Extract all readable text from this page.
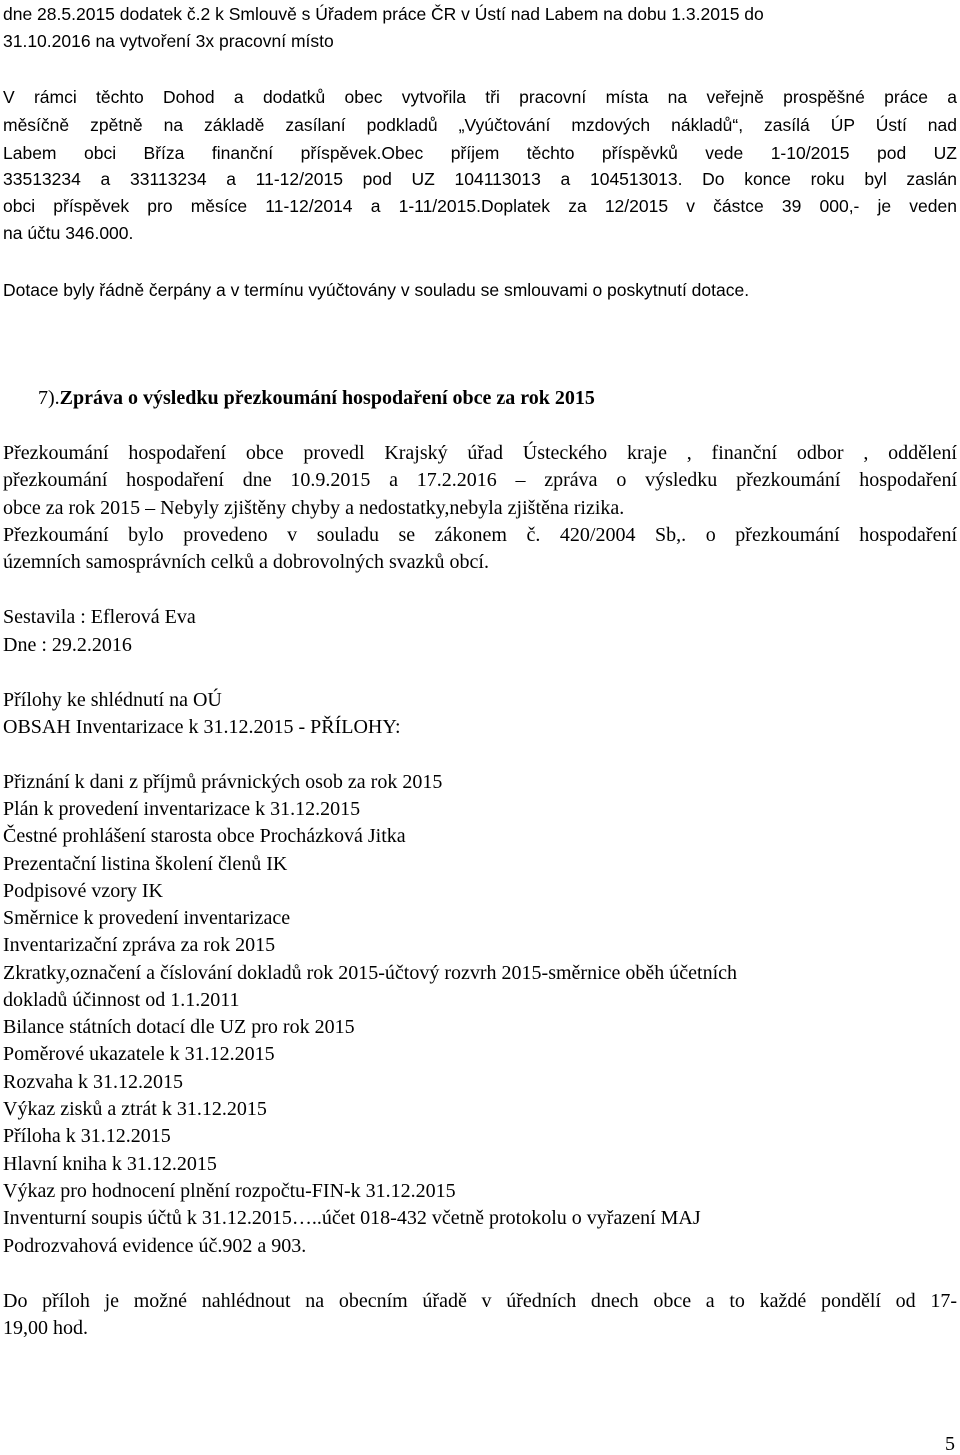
dne 28.5.2015 dodatek č.2 k Smlouvě s Úřadem práce ČR v Ústí nad Labem na dobu 1.3.2015 do
31.10.2016 na vytvoření 3x pracovní místo
V rámci těchto Dohod a dodatků obec vytvořila tři pracovní místa na veřejně prospěšné práce a
měsíčně zpětně na základě zasílaní podkladů „Vyúčtování mzdových nákladů“, zasílá ÚP Ústí nad
Labem obci Bříza finanční příspěvek.Obec příjem těchto příspěvků vede 1-10/2015 pod UZ
33513234 a 33113234 a 11-12/2015 pod UZ 104113013 a 104513013. Do konce roku byl zaslán
obci příspěvek pro měsíce 11-12/2014 a 1-11/2015.Doplatek za 12/2015 v částce 39 000,- je veden
na účtu 346.000.
Dotace byly řádně čerpány a v termínu vyúčtovány v souladu se smlouvami o poskytnutí dotace.
7).Zpráva o výsledku přezkoumání hospodaření obce za rok 2015
Přezkoumání hospodaření obce provedl Krajský úřad Ústeckého kraje , finanční odbor , oddělení
přezkoumání hospodaření dne 10.9.2015 a 17.2.2016 – zpráva o výsledku přezkoumání hospodaření
obce za rok 2015 – Nebyly zjištěny chyby a nedostatky,nebyla zjištěna rizika.
Přezkoumání bylo provedeno v souladu se zákonem č. 420/2004 Sb,. o přezkoumání hospodaření
územních samosprávních celků a dobrovolných svazků obcí.
Sestavila : Eflerová Eva
Dne : 29.2.2016
Přílohy ke shlédnutí na OÚ
OBSAH Inventarizace k 31.12.2015 - PŘÍLOHY:
Přiznání k dani z příjmů právnických osob za rok 2015
Plán k provedení inventarizace k 31.12.2015
Čestné prohlášení starosta obce Procházková Jitka
Prezentační listina školení členů IK
Podpisové vzory IK
Směrnice k provedení inventarizace
Inventarizační zpráva za rok 2015
Zkratky,označení a číslování dokladů rok 2015-účtový rozvrh 2015-směrnice oběh účetních
dokladů účinnost od 1.1.2011
Bilance státních dotací dle UZ pro rok 2015
Poměrové ukazatele k 31.12.2015
Rozvaha k 31.12.2015
Výkaz zisků a ztrát k 31.12.2015
Příloha k 31.12.2015
Hlavní kniha k 31.12.2015
Výkaz pro hodnocení plnění rozpočtu-FIN-k 31.12.2015
Inventurní soupis účtů k 31.12.2015…..účet 018-432 včetně protokolu o vyřazení MAJ
Podrozvahová evidence úč.902 a 903.
Do příloh je možné nahlédnout na obecním úřadě v úředních dnech obce a to každé pondělí od 17-
19,00 hod.
5
